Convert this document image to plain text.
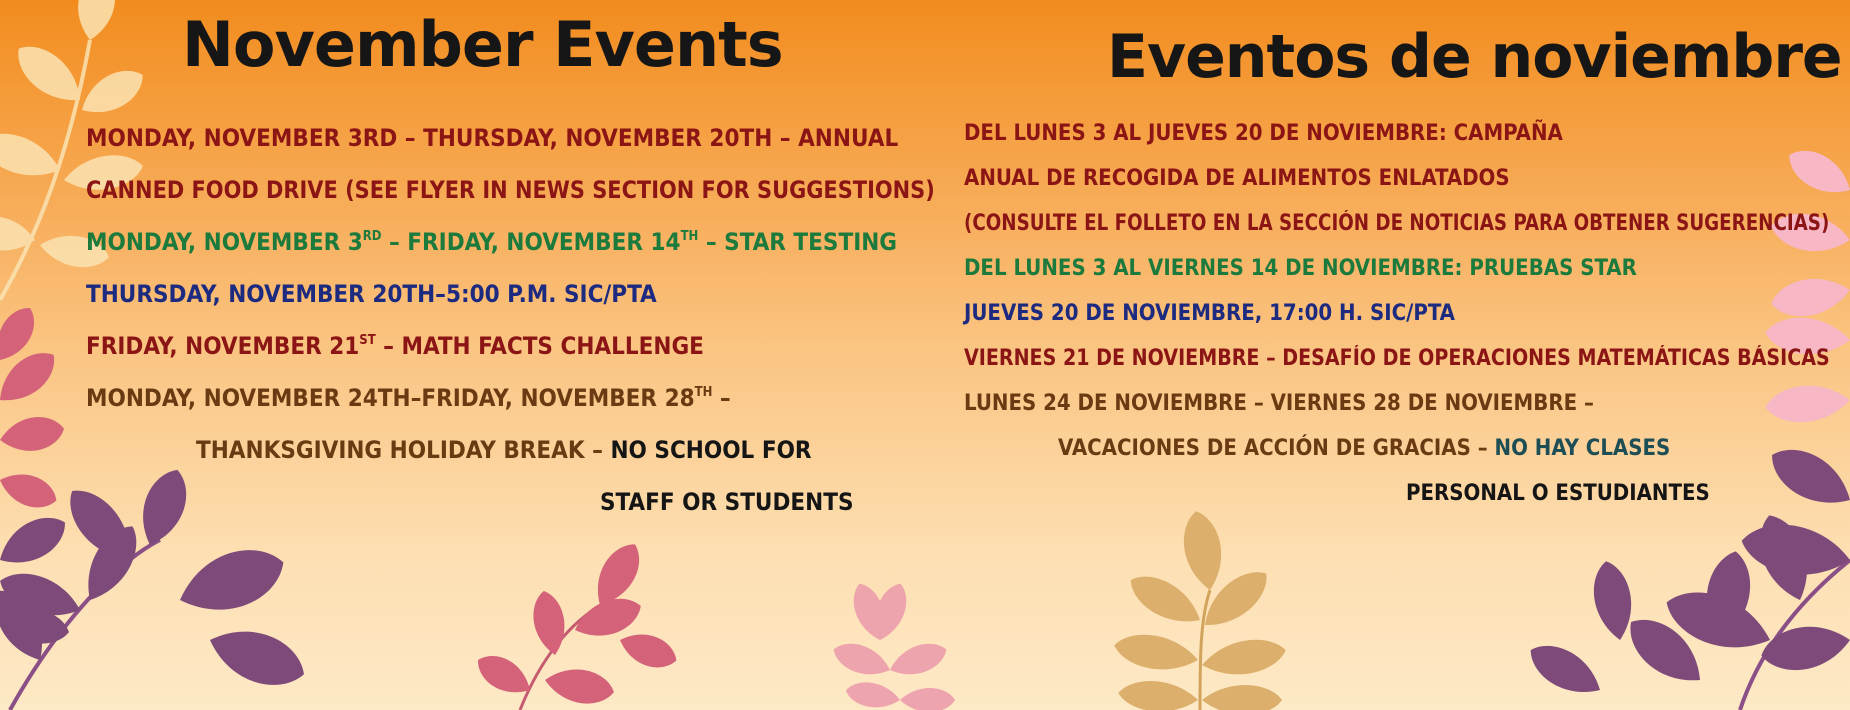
November Events
MONDAY, NOVEMBER 3RD – THURSDAY, NOVEMBER 20TH – ANNUAL
CANNED FOOD DRIVE (SEE FLYER IN NEWS SECTION FOR SUGGESTIONS)
MONDAY, NOVEMBER 3RD – FRIDAY, NOVEMBER 14TH – STAR TESTING
THURSDAY, NOVEMBER 20TH–5:00 P.M. SIC/PTA
FRIDAY, NOVEMBER 21ST – MATH FACTS CHALLENGE
MONDAY, NOVEMBER 24TH–FRIDAY, NOVEMBER 28TH –
THANKSGIVING HOLIDAY BREAK – NO SCHOOL FOR
STAFF OR STUDENTS
Eventos de noviembre
DEL LUNES 3 AL JUEVES 20 DE NOVIEMBRE: CAMPAÑA
ANUAL DE RECOGIDA DE ALIMENTOS ENLATADOS
(CONSULTE EL FOLLETO EN LA SECCIÓN DE NOTICIAS PARA OBTENER SUGERENCIAS)
DEL LUNES 3 AL VIERNES 14 DE NOVIEMBRE: PRUEBAS STAR
JUEVES 20 DE NOVIEMBRE, 17:00 H. SIC/PTA
VIERNES 21 DE NOVIEMBRE – DESAFÍO DE OPERACIONES MATEMÁTICAS BÁSICAS
LUNES 24 DE NOVIEMBRE – VIERNES 28 DE NOVIEMBRE –
VACACIONES DE ACCIÓN DE GRACIAS – NO HAY CLASES
PERSONAL O ESTUDIANTES
